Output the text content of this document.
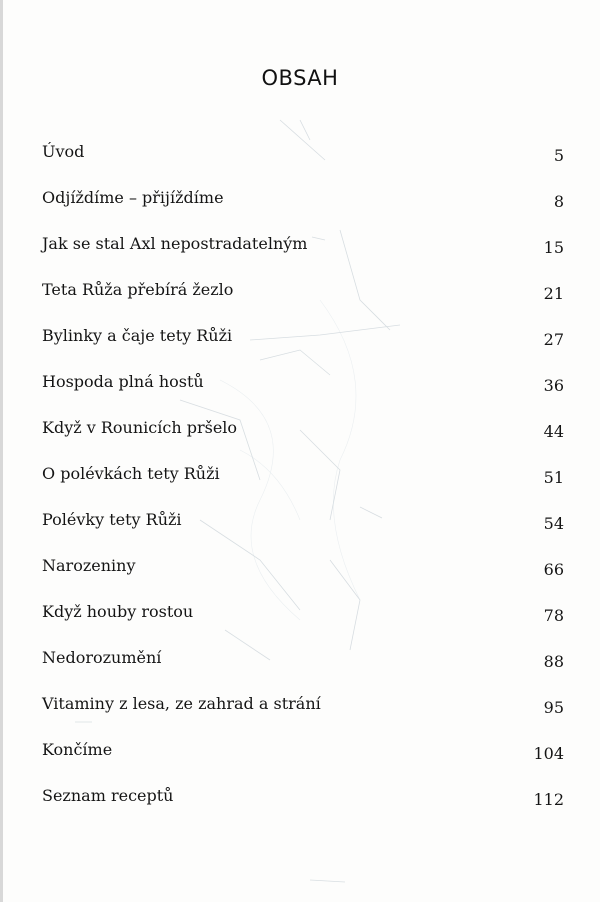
OBSAH
Úvod	5
Odjíždíme – přijíždíme	8
Jak se stal Axl nepostradatelným	15
Teta Růža přebírá žezlo	21
Bylinky a čaje tety Růži	27
Hospoda plná hostů	36
Když v Rounicích pršelo	44
O polévkách tety Růži	51
Polévky tety Růži	54
Narozeniny	66
Když houby rostou	78
Nedorozumění	88
Vitaminy z lesa, ze zahrad a strání	95
Končíme	104
Seznam receptů	112
